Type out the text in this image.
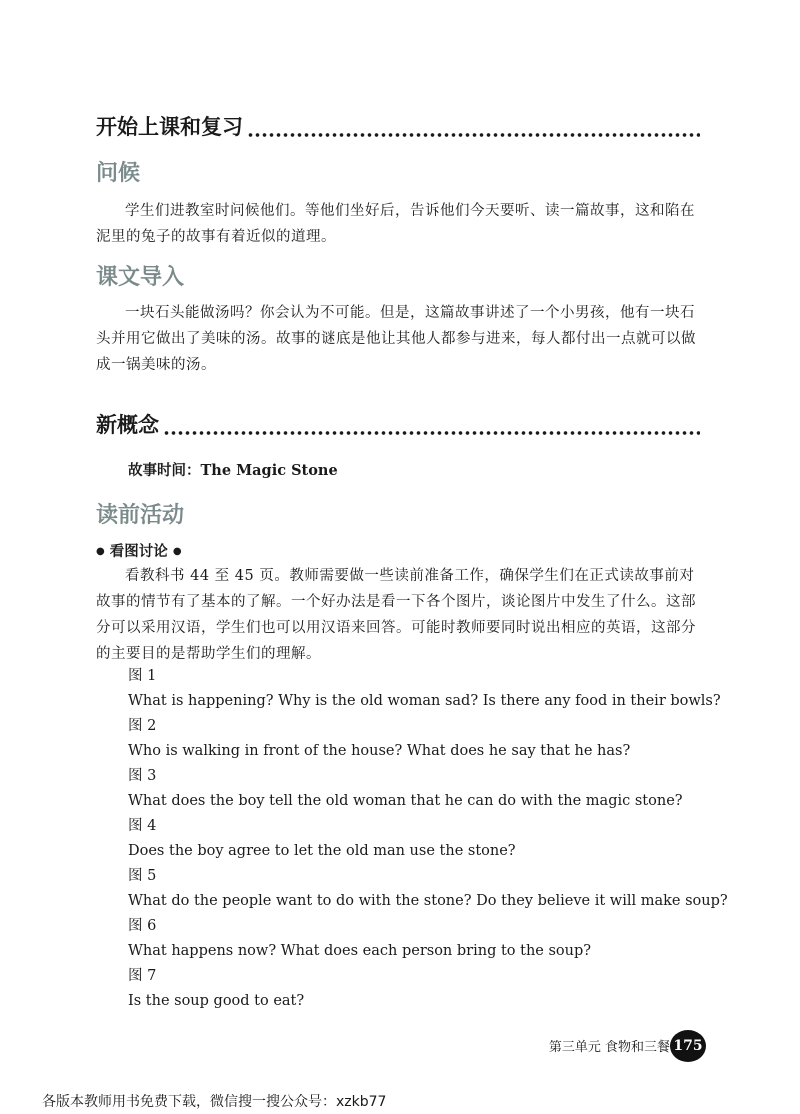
开始上课和复习
问候

学生们进教室时问候他们。等他们坐好后，告诉他们今天要听、读一篇故事，这和陷在泥里的兔子的故事有着近似的道理。

课文导入

一块石头能做汤吗？你会认为不可能。但是，这篇故事讲述了一个小男孩，他有一块石头并用它做出了美味的汤。故事的谜底是他让其他人都参与进来，每人都付出一点就可以做成一锅美味的汤。

新概念
故事时间：The Magic Stone
读前活动
● 看图讨论 ●

看教科书 44 至 45 页。教师需要做一些读前准备工作，确保学生们在正式读故事前对故事的情节有了基本的了解。一个好办法是看一下各个图片，谈论图片中发生了什么。这部分可以采用汉语，学生们也可以用汉语来回答。可能时教师要同时说出相应的英语，这部分的主要目的是帮助学生们的理解。

图 1
What is happening? Why is the old woman sad? Is there any food in their bowls?
图 2
Who is walking in front of the house? What does he say that he has?
图 3
What does the boy tell the old woman that he can do with the magic stone?
图 4
Does the boy agree to let the old man use the stone?
图 5
What do the people want to do with the stone? Do they believe it will make soup?
图 6
What happens now? What does each person bring to the soup?
图 7
Is the soup good to eat?
第三单元 食物和三餐 175
各版本教师用书免费下载，微信搜一搜公众号：xzkb77
